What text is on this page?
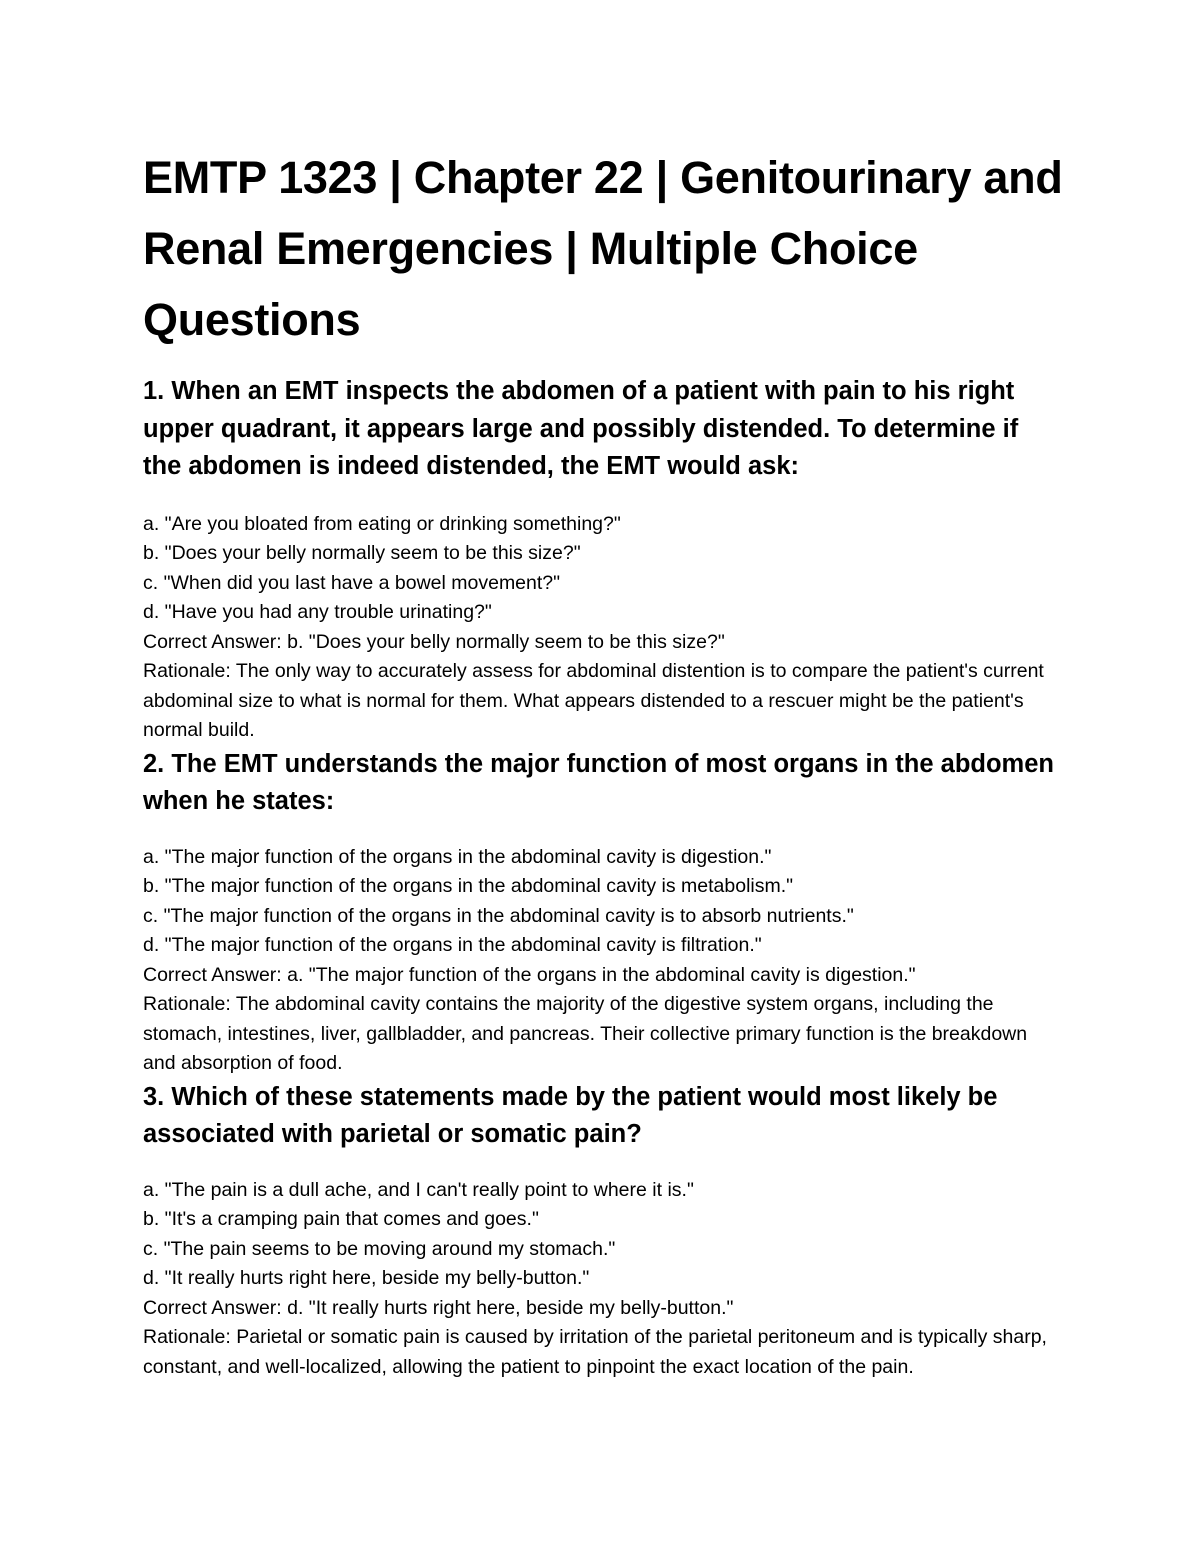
EMTP 1323 | Chapter 22 | Genitourinary and Renal Emergencies | Multiple Choice Questions

1. When an EMT inspects the abdomen of a patient with pain to his right upper quadrant, it appears large and possibly distended. To determine if the abdomen is indeed distended, the EMT would ask:

a. "Are you bloated from eating or drinking something?"
b. "Does your belly normally seem to be this size?"
c. "When did you last have a bowel movement?"
d. "Have you had any trouble urinating?"
Correct Answer: b. "Does your belly normally seem to be this size?"

Rationale: The only way to accurately assess for abdominal distention is to compare the patient's current abdominal size to what is normal for them. What appears distended to a rescuer might be the patient's normal build.

2. The EMT understands the major function of most organs in the abdomen when he states:

a. "The major function of the organs in the abdominal cavity is digestion."
b. "The major function of the organs in the abdominal cavity is metabolism."
c. "The major function of the organs in the abdominal cavity is to absorb nutrients."
d. "The major function of the organs in the abdominal cavity is filtration."
Correct Answer: a. "The major function of the organs in the abdominal cavity is digestion."

Rationale: The abdominal cavity contains the majority of the digestive system organs, including the stomach, intestines, liver, gallbladder, and pancreas. Their collective primary function is the breakdown and absorption of food.

3. Which of these statements made by the patient would most likely be associated with parietal or somatic pain?

a. "The pain is a dull ache, and I can't really point to where it is."
b. "It's a cramping pain that comes and goes."
c. "The pain seems to be moving around my stomach."
d. "It really hurts right here, beside my belly-button."
Correct Answer: d. "It really hurts right here, beside my belly-button."

Rationale: Parietal or somatic pain is caused by irritation of the parietal peritoneum and is typically sharp, constant, and well-localized, allowing the patient to pinpoint the exact location of the pain.
